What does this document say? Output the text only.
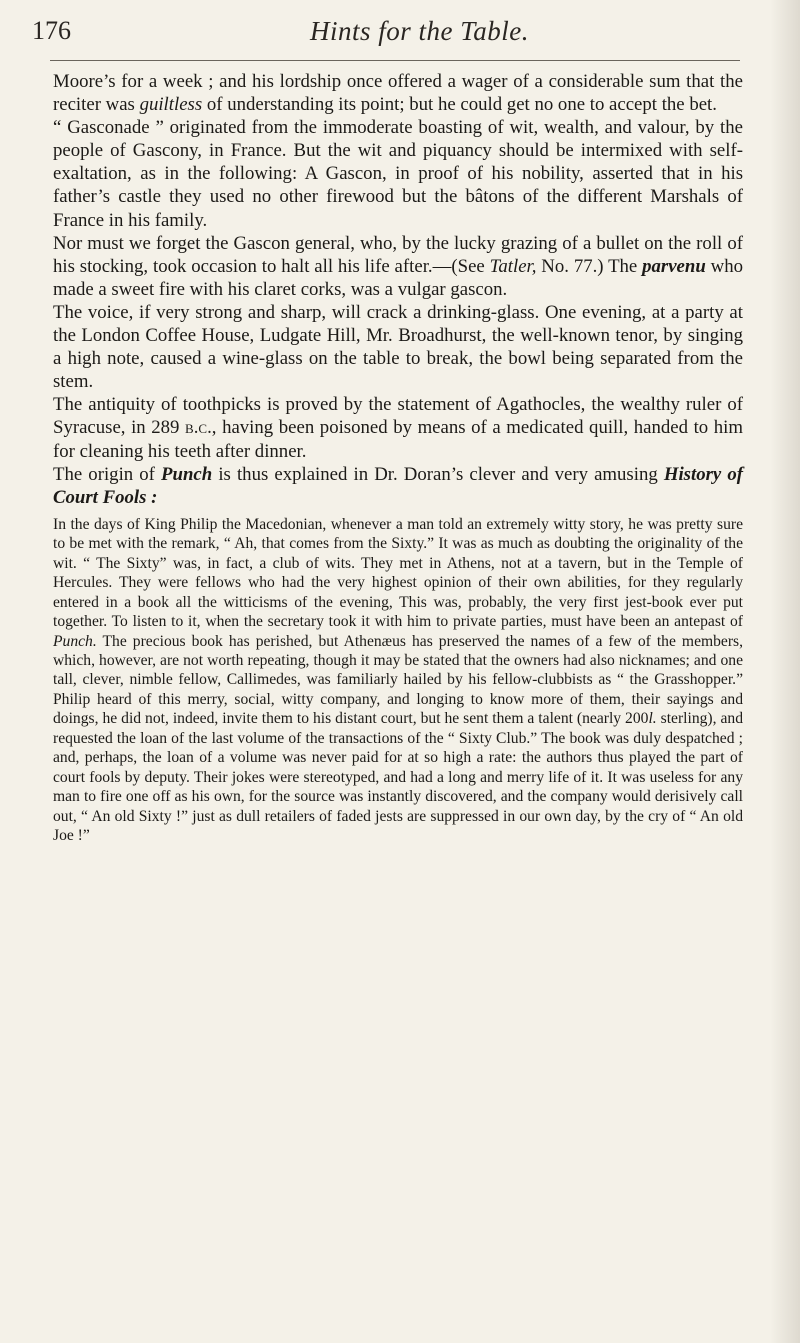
176	Hints for the Table.

Moore’s for a week ; and his lordship once offered a wager of a considerable sum that the reciter was guiltless of understanding its point; but he could get no one to accept the bet.

“ Gasconade ” originated from the immoderate boasting of wit, wealth, and valour, by the people of Gascony, in France. But the wit and piquancy should be intermixed with self-exaltation, as in the following: A Gascon, in proof of his nobility, asserted that in his father’s castle they used no other firewood but the bâtons of the different Marshals of France in his family.

Nor must we forget the Gascon general, who, by the lucky grazing of a bullet on the roll of his stocking, took occasion to halt all his life after.—(See Tatler, No. 77.) The parvenu who made a sweet fire with his claret corks, was a vulgar gascon.

The voice, if very strong and sharp, will crack a drinking-glass. One evening, at a party at the London Coffee House, Ludgate Hill, Mr. Broadhurst, the well-known tenor, by singing a high note, caused a wine-glass on the table to break, the bowl being separated from the stem.

The antiquity of toothpicks is proved by the statement of Agathocles, the wealthy ruler of Syracuse, in 289 b.c., having been poisoned by means of a medicated quill, handed to him for cleaning his teeth after dinner.

The origin of Punch is thus explained in Dr. Doran’s clever and very amusing History of Court Fools :

In the days of King Philip the Macedonian, whenever a man told an extremely witty story, he was pretty sure to be met with the remark, “ Ah, that comes from the Sixty.” It was as much as doubting the originality of the wit. “ The Sixty” was, in fact, a club of wits. They met in Athens, not at a tavern, but in the Temple of Hercules. They were fellows who had the very highest opinion of their own abilities, for they regularly entered in a book all the witticisms of the evening, This was, probably, the very first jest-book ever put together. To listen to it, when the secretary took it with him to private parties, must have been an antepast of Punch. The precious book has perished, but Athenæus has preserved the names of a few of the members, which, however, are not worth repeating, though it may be stated that the owners had also nicknames; and one tall, clever, nimble fellow, Callimedes, was familiarly hailed by his fellow-clubbists as “ the Grasshopper.” Philip heard of this merry, social, witty company, and longing to know more of them, their sayings and doings, he did not, indeed, invite them to his distant court, but he sent them a talent (nearly 200l. sterling), and requested the loan of the last volume of the transactions of the “ Sixty Club.” The book was duly despatched ; and, perhaps, the loan of a volume was never paid for at so high a rate: the authors thus played the part of court fools by deputy. Their jokes were stereotyped, and had a long and merry life of it. It was useless for any man to fire one off as his own, for the source was instantly discovered, and the company would derisively call out, “ An old Sixty !” just as dull retailers of faded jests are suppressed in our own day, by the cry of “ An old Joe !”
